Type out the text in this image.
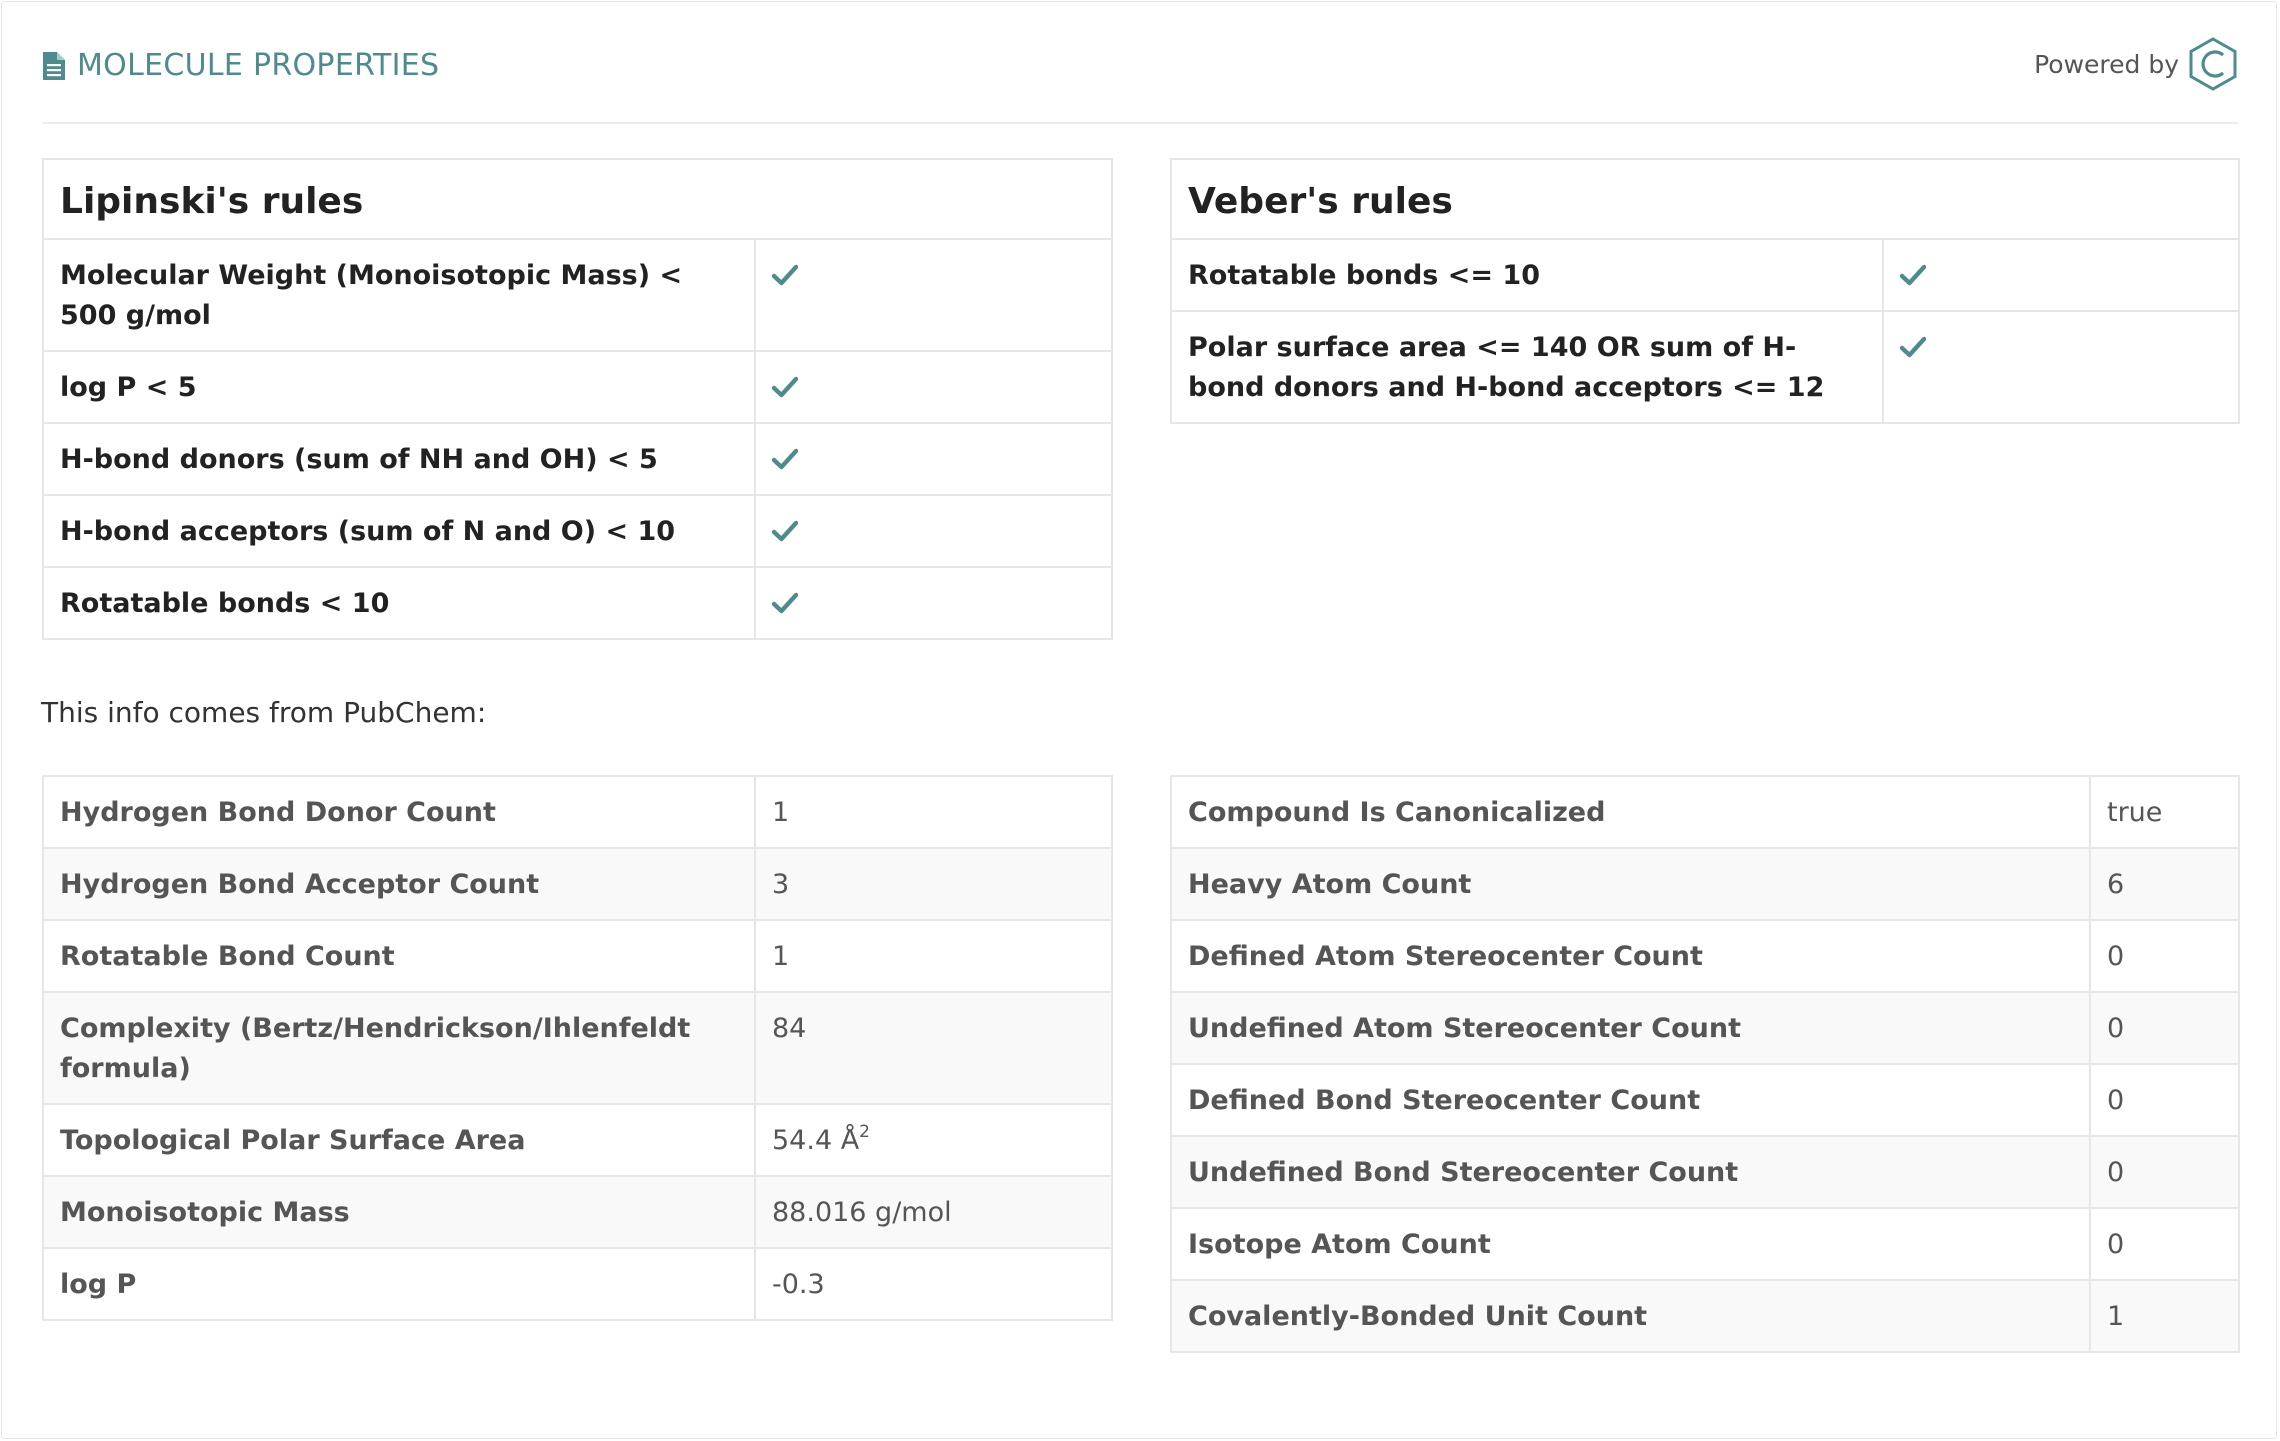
MOLECULE PROPERTIES	Powered by
Lipinski's rules	
Molecular Weight (Monoisotopic Mass) < 500 g/mol	

log P < 5	

H-bond donors (sum of NH and OH) < 5	

H-bond acceptors (sum of N and O) < 10	

Rotatable bonds < 10	
Veber's rules	
Rotatable bonds <= 10	

Polar surface area <= 140 OR sum of H-bond donors and H-bond acceptors <= 12	
This info comes from PubChem:
Hydrogen Bond Donor Count	1
Hydrogen Bond Acceptor Count	3
Rotatable Bond Count	1
Complexity (Bertz/Hendrickson/Ihlenfeldt formula)	84
Topological Polar Surface Area	54.4 $Å^2$
Monoisotopic Mass	88.016 g/mol
log P	-0.3
Compound Is Canonicalized	true
Heavy Atom Count	6
Defined Atom Stereocenter Count	0
Undefined Atom Stereocenter Count	0
Defined Bond Stereocenter Count	0
Undefined Bond Stereocenter Count	0
Isotope Atom Count	0
Covalently-Bonded Unit Count	1
